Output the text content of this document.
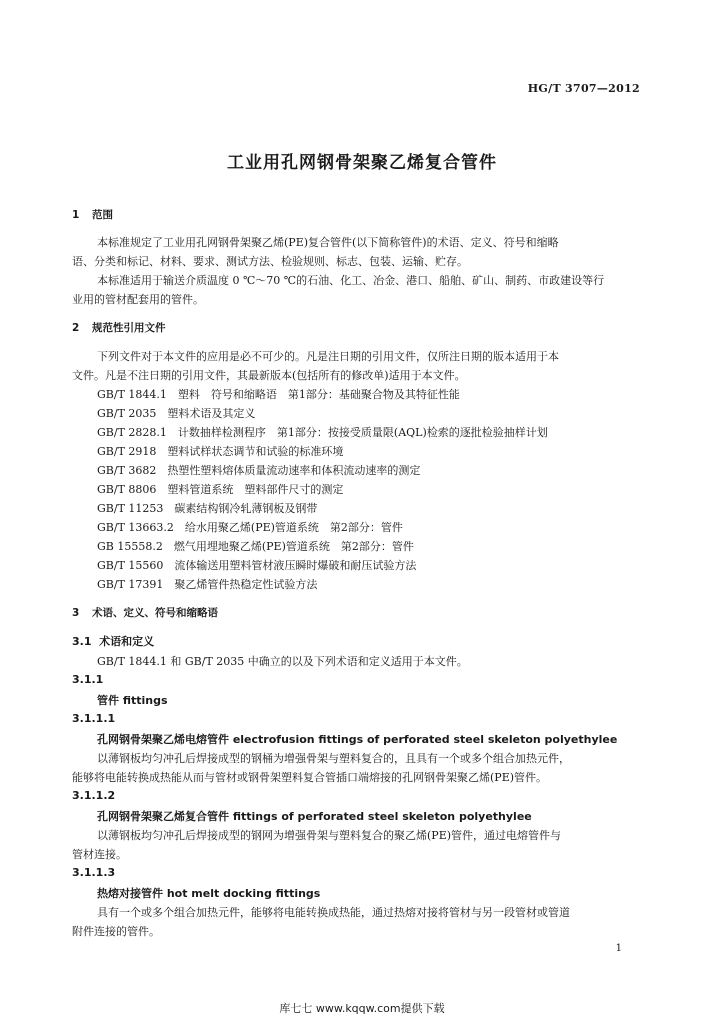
HG/T 3707—2012
工业用孔网钢骨架聚乙烯复合管件
1 范围
本标准规定了工业用孔网钢骨架聚乙烯(PE)复合管件(以下简称管件)的术语、定义、符号和缩略
语、分类和标记、材料、要求、测试方法、检验规则、标志、包装、运输、贮存。
本标准适用于输送介质温度 0 ℃～70 ℃的石油、化工、冶金、港口、船舶、矿山、制药、市政建设等行
业用的管材配套用的管件。
2 规范性引用文件
下列文件对于本文件的应用是必不可少的。凡是注日期的引用文件，仅所注日期的版本适用于本
文件。凡是不注日期的引用文件，其最新版本(包括所有的修改单)适用于本文件。
GB/T 1844.1　塑料　符号和缩略语　第1部分：基础聚合物及其特征性能
GB/T 2035　塑料术语及其定义
GB/T 2828.1　计数抽样检测程序　第1部分：按接受质量限(AQL)检索的逐批检验抽样计划
GB/T 2918　塑料试样状态调节和试验的标准环境
GB/T 3682　热塑性塑料熔体质量流动速率和体积流动速率的测定
GB/T 8806　塑料管道系统　塑料部件尺寸的测定
GB/T 11253　碳素结构钢冷轧薄钢板及钢带
GB/T 13663.2　给水用聚乙烯(PE)管道系统　第2部分：管件
GB 15558.2　燃气用埋地聚乙烯(PE)管道系统　第2部分：管件
GB/T 15560　流体输送用塑料管材液压瞬时爆破和耐压试验方法
GB/T 17391　聚乙烯管件热稳定性试验方法
3 术语、定义、符号和缩略语
3.1 术语和定义
GB/T 1844.1 和 GB/T 2035 中确立的以及下列术语和定义适用于本文件。
3.1.1
管件 fittings
3.1.1.1
孔网钢骨架聚乙烯电熔管件 electrofusion fittings of perforated steel skeleton polyethylee
以薄钢板均匀冲孔后焊接成型的钢桶为增强骨架与塑料复合的，且具有一个或多个组合加热元件，
能够将电能转换成热能从而与管材或钢骨架塑料复合管插口端熔接的孔网钢骨架聚乙烯(PE)管件。
3.1.1.2
孔网钢骨架聚乙烯复合管件 fittings of perforated steel skeleton polyethylee
以薄钢板均匀冲孔后焊接成型的钢网为增强骨架与塑料复合的聚乙烯(PE)管件，通过电熔管件与
管材连接。
3.1.1.3
热熔对接管件 hot melt docking fittings
具有一个或多个组合加热元件，能够将电能转换成热能，通过热熔对接将管材与另一段管材或管道
附件连接的管件。
1
库七七 www.kqqw.com提供下载
